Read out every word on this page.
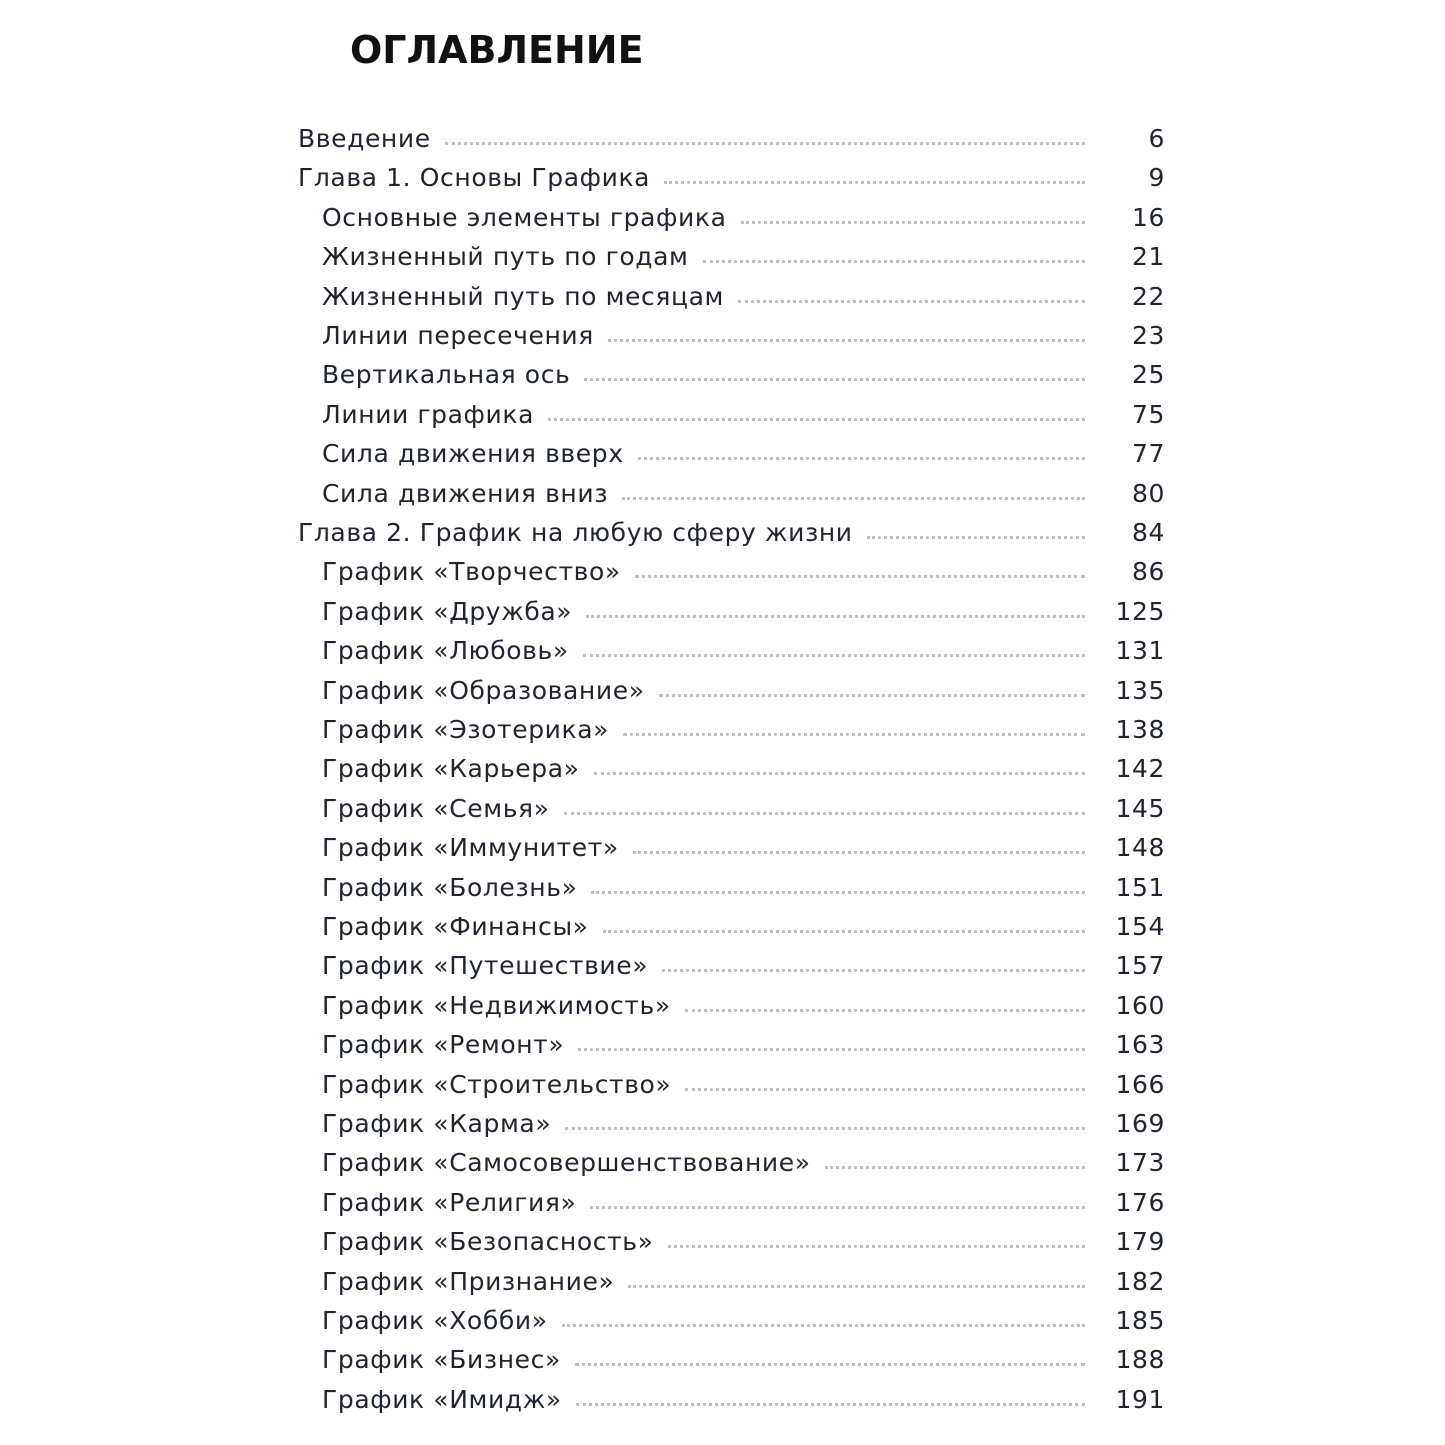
ОГЛАВЛЕНИЕ
Введение	6
Глава 1. Основы Графика	9
Основные элементы графика	16
Жизненный путь по годам	21
Жизненный путь по месяцам	22
Линии пересечения	23
Вертикальная ось	25
Линии графика	75
Сила движения вверх	77
Сила движения вниз	80
Глава 2. График на любую сферу жизни	84
График «Творчество»	86
График «Дружба»	125
График «Любовь»	131
График «Образование»	135
График «Эзотерика»	138
График «Карьера»	142
График «Семья»	145
График «Иммунитет»	148
График «Болезнь»	151
График «Финансы»	154
График «Путешествие»	157
График «Недвижимость»	160
График «Ремонт»	163
График «Строительство»	166
График «Карма»	169
График «Самосовершенствование»	173
График «Религия»	176
График «Безопасность»	179
График «Признание»	182
График «Хобби»	185
График «Бизнес»	188
График «Имидж»	191
